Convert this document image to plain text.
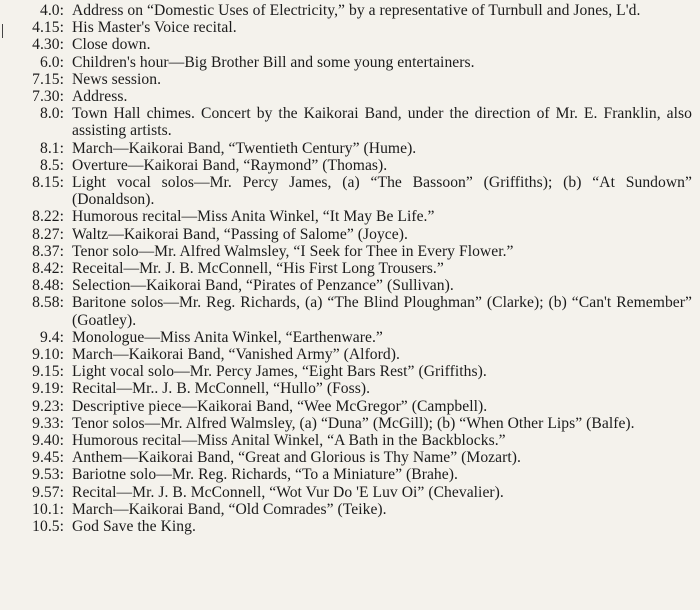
4.0: Address on “Domestic Uses of Electricity,” by a representative of Turnbull and Jones, L'd.
4.15: His Master's Voice recital.
4.30: Close down.
6.0: Children's hour—Big Brother Bill and some young entertainers.
7.15: News session.
7.30: Address.
8.0: Town Hall chimes. Concert by the Kaikorai Band, under the direction of Mr. E. Franklin, also assisting artists.
8.1: March—Kaikorai Band, “Twentieth Century” (Hume).
8.5: Overture—Kaikorai Band, “Raymond” (Thomas).
8.15: Light vocal solos—Mr. Percy James, (a) “The Bassoon” (Griffiths); (b) “At Sundown” (Donaldson).
8.22: Humorous recital—Miss Anita Winkel, “It May Be Life.”
8.27: Waltz—Kaikorai Band, “Passing of Salome” (Joyce).
8.37: Tenor solo—Mr. Alfred Walmsley, “I Seek for Thee in Every Flower.”
8.42: Receital—Mr. J. B. McConnell, “His First Long Trousers.”
8.48: Selection—Kaikorai Band, “Pirates of Penzance” (Sullivan).
8.58: Baritone solos—Mr. Reg. Richards, (a) “The Blind Ploughman” (Clarke); (b) “Can't Remember” (Goatley).
9.4: Monologue—Miss Anita Winkel, “Earthenware.”
9.10: March—Kaikorai Band, “Vanished Army” (Alford).
9.15: Light vocal solo—Mr. Percy James, “Eight Bars Rest” (Griffiths).
9.19: Recital—Mr.. J. B. McConnell, “Hullo” (Foss).
9.23: Descriptive piece—Kaikorai Band, “Wee McGregor” (Campbell).
9.33: Tenor solos—Mr. Alfred Walmsley, (a) “Duna” (McGill); (b) “When Other Lips” (Balfe).
9.40: Humorous recital—Miss Anital Winkel, “A Bath in the Backblocks.”
9.45: Anthem—Kaikorai Band, “Great and Glorious is Thy Name” (Mozart).
9.53: Bariotne solo—Mr. Reg. Richards, “To a Miniature” (Brahe).
9.57: Recital—Mr. J. B. McConnell, “Wot Vur Do 'E Luv Oi” (Chevalier).
10.1: March—Kaikorai Band, “Old Comrades” (Teike).
10.5: God Save the King.
